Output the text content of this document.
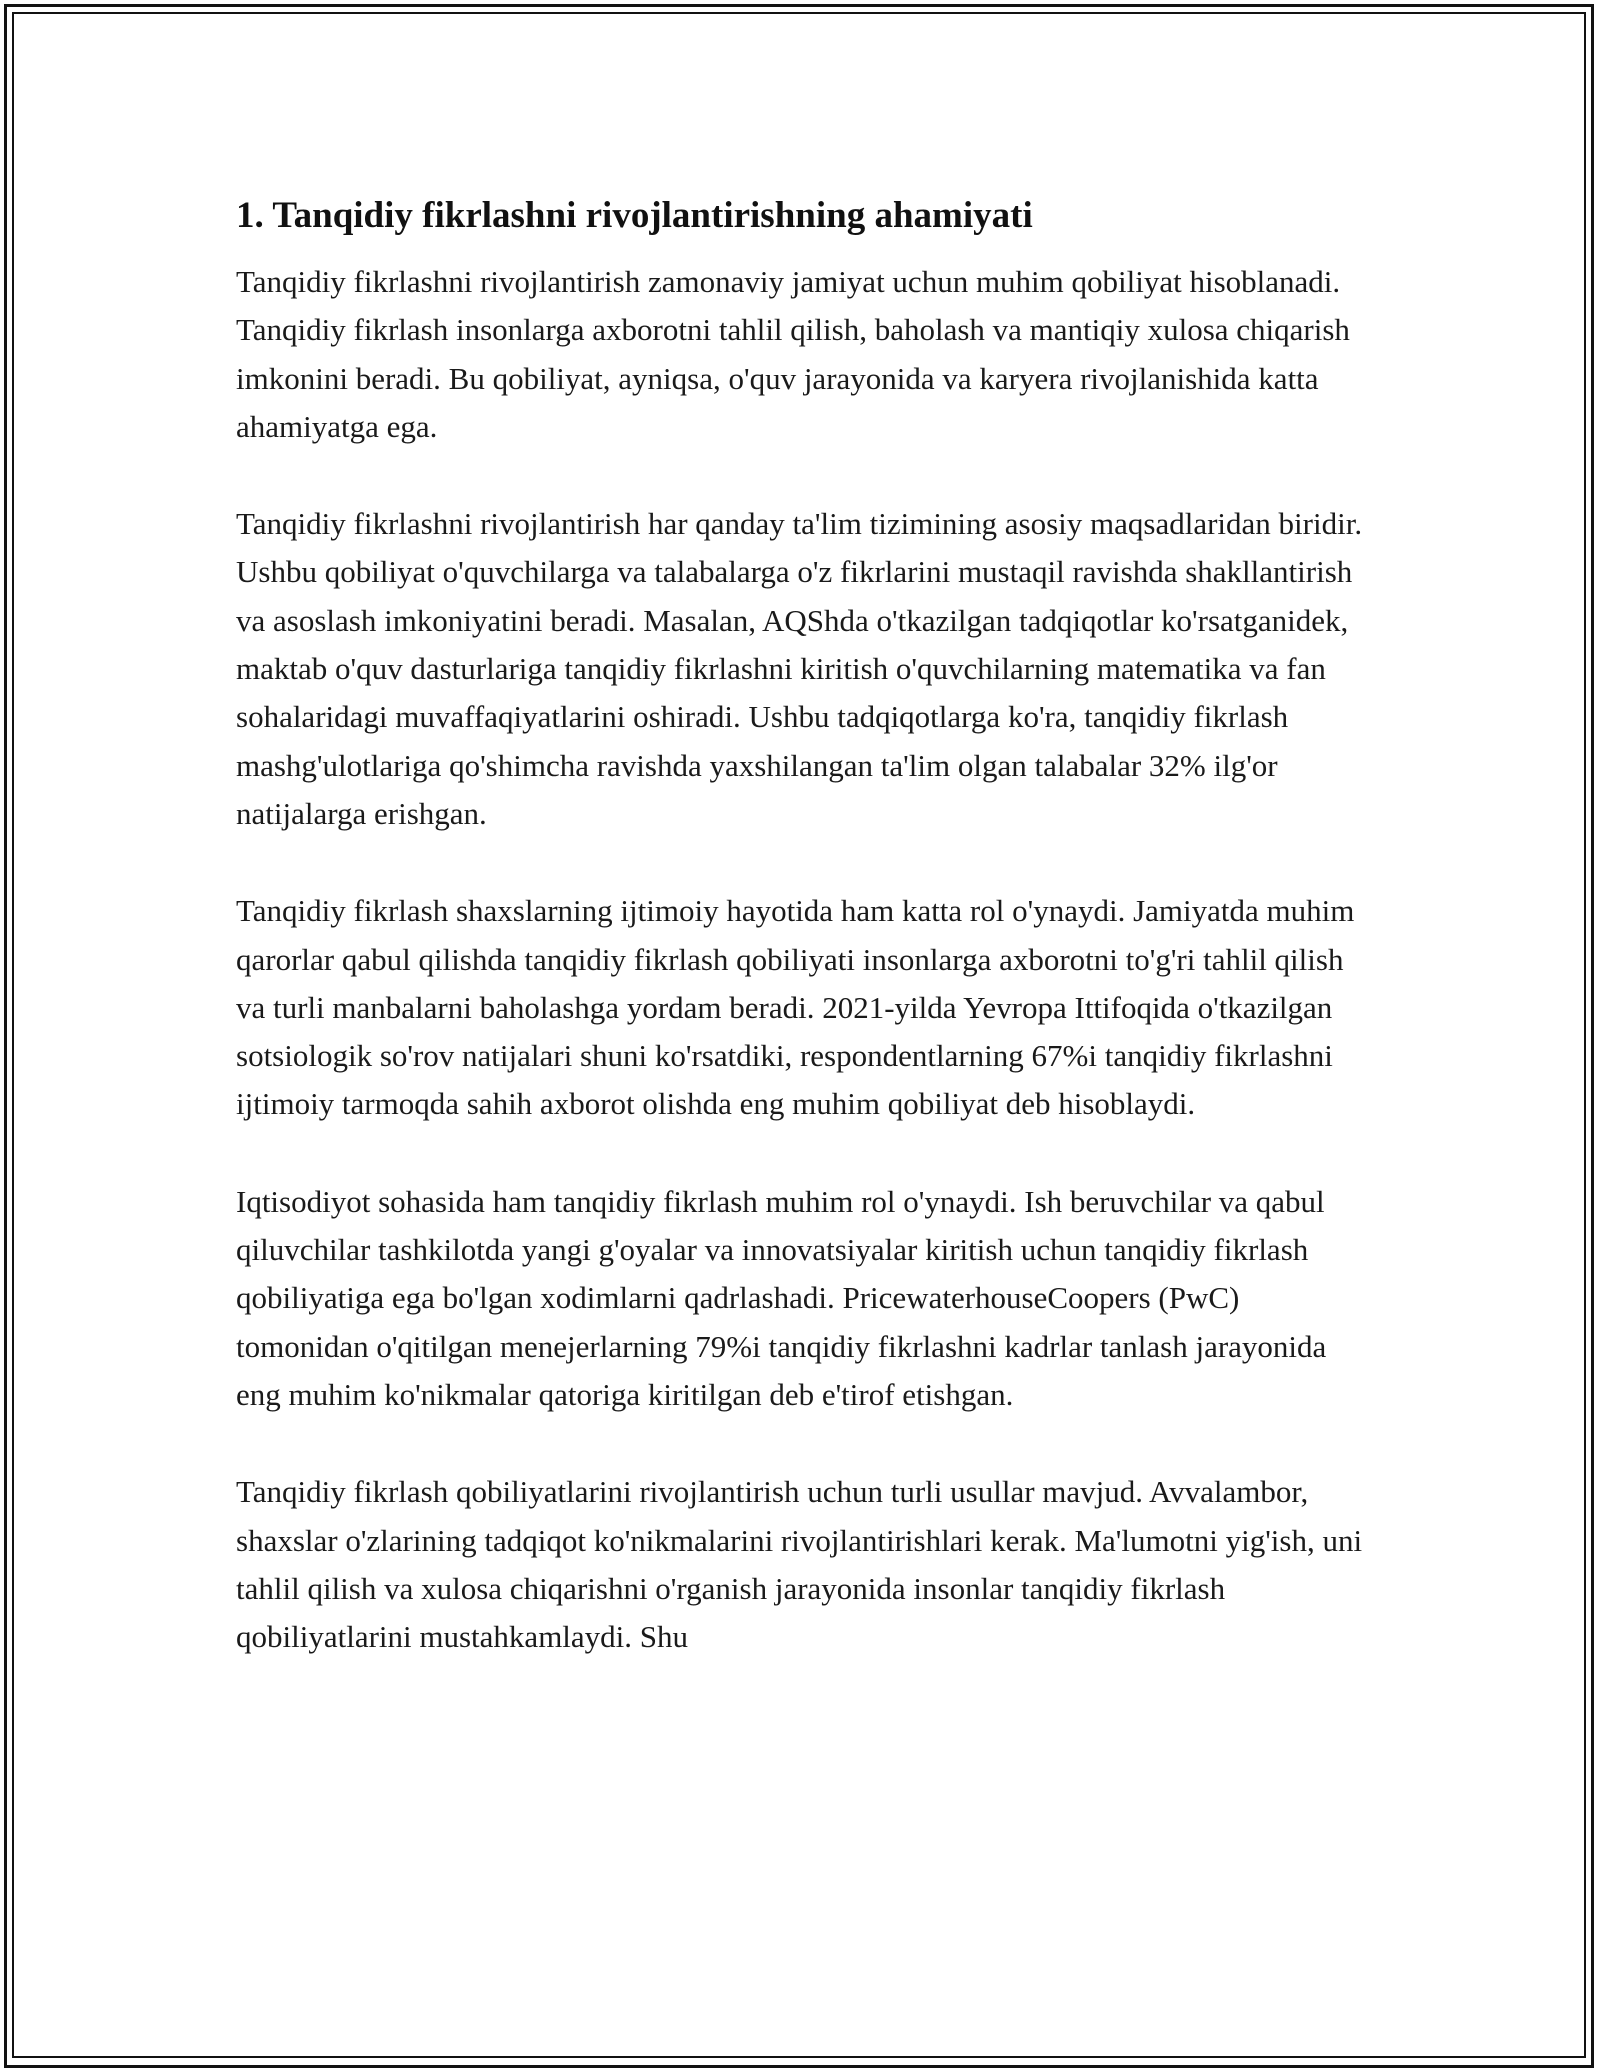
1. Tanqidiy fikrlashni rivojlantirishning ahamiyati

Tanqidiy fikrlashni rivojlantirish zamonaviy jamiyat uchun muhim qobiliyat hisoblanadi. Tanqidiy fikrlash insonlarga axborotni tahlil qilish, baholash va mantiqiy xulosa chiqarish imkonini beradi. Bu qobiliyat, ayniqsa, o'quv jarayonida va karyera rivojlanishida katta ahamiyatga ega.

Tanqidiy fikrlashni rivojlantirish har qanday ta'lim tizimining asosiy maqsadlaridan biridir. Ushbu qobiliyat o'quvchilarga va talabalarga o'z fikrlarini mustaqil ravishda shakllantirish va asoslash imkoniyatini beradi. Masalan, AQShda o'tkazilgan tadqiqotlar ko'rsatganidek, maktab o'quv dasturlariga tanqidiy fikrlashni kiritish o'quvchilarning matematika va fan sohalaridagi muvaffaqiyatlarini oshiradi. Ushbu tadqiqotlarga ko'ra, tanqidiy fikrlash mashg'ulotlariga qo'shimcha ravishda yaxshilangan ta'lim olgan talabalar 32% ilg'or natijalarga erishgan.

Tanqidiy fikrlash shaxslarning ijtimoiy hayotida ham katta rol o'ynaydi. Jamiyatda muhim qarorlar qabul qilishda tanqidiy fikrlash qobiliyati insonlarga axborotni to'g'ri tahlil qilish va turli manbalarni baholashga yordam beradi. 2021-yilda Yevropa Ittifoqida o'tkazilgan sotsiologik so'rov natijalari shuni ko'rsatdiki, respondentlarning 67%i tanqidiy fikrlashni ijtimoiy tarmoqda sahih axborot olishda eng muhim qobiliyat deb hisoblaydi.

Iqtisodiyot sohasida ham tanqidiy fikrlash muhim rol o'ynaydi. Ish beruvchilar va qabul qiluvchilar tashkilotda yangi g'oyalar va innovatsiyalar kiritish uchun tanqidiy fikrlash qobiliyatiga ega bo'lgan xodimlarni qadrlashadi. PricewaterhouseCoopers (PwC) tomonidan o'qitilgan menejerlarning 79%i tanqidiy fikrlashni kadrlar tanlash jarayonida eng muhim ko'nikmalar qatoriga kiritilgan deb e'tirof etishgan.

Tanqidiy fikrlash qobiliyatlarini rivojlantirish uchun turli usullar mavjud. Avvalambor, shaxslar o'zlarining tadqiqot ko'nikmalarini rivojlantirishlari kerak. Ma'lumotni yig'ish, uni tahlil qilish va xulosa chiqarishni o'rganish jarayonida insonlar tanqidiy fikrlash qobiliyatlarini mustahkamlaydi. Shu
